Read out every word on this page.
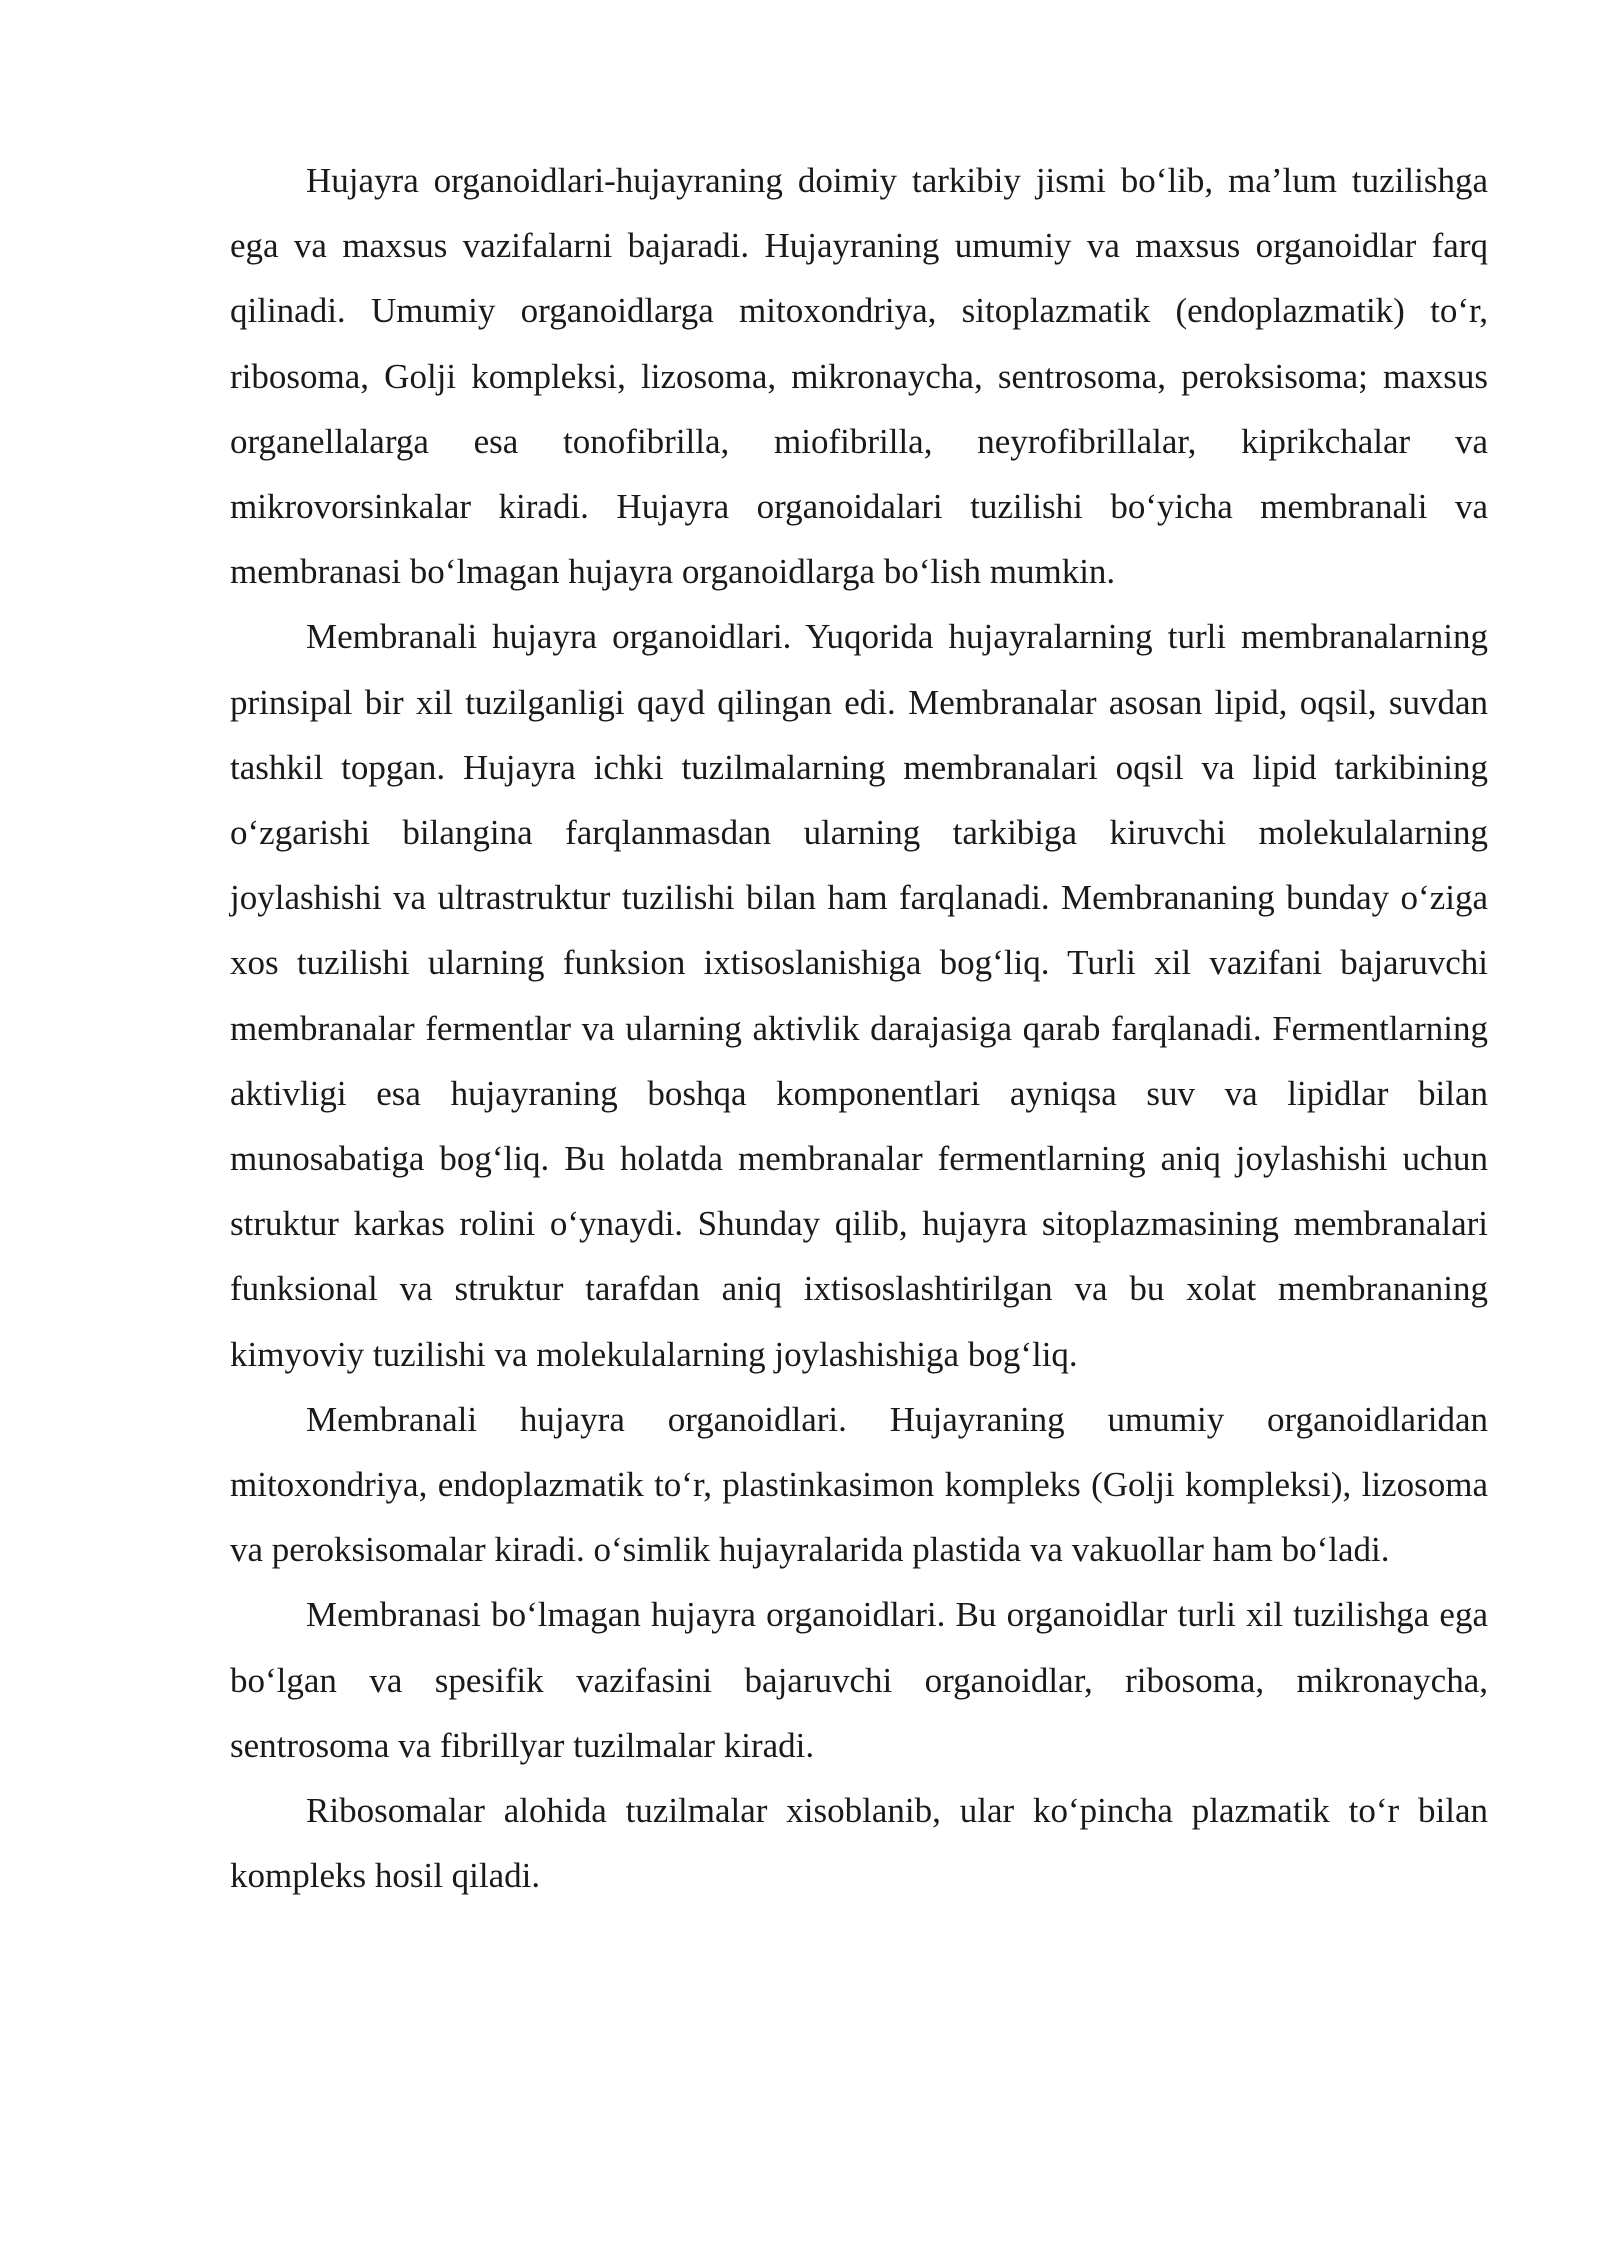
Hujayra organoidlari-hujayraning doimiy tarkibiy jismi bo‘lib, ma’lum tuzilishga ega va maxsus vazifalarni bajaradi. Hujayraning umumiy va maxsus organoidlar farq qilinadi. Umumiy organoidlarga mitoxondriya, sitoplazmatik (endoplazmatik) to‘r, ribosoma, Golji kompleksi, lizosoma, mikronaycha, sentrosoma, peroksisoma; maxsus organellalarga esa tonofibrilla, miofibrilla, neyrofibrillalar, kiprikchalar va mikrovorsinkalar kiradi. Hujayra organoidalari tuzilishi bo‘yicha membranali va membranasi bo‘lmagan hujayra organoidlarga bo‘lish mumkin.

Membranali hujayra organoidlari. Yuqorida hujayralarning turli membranalarning prinsipal bir xil tuzilganligi qayd qilingan edi. Membranalar asosan lipid, oqsil, suvdan tashkil topgan. Hujayra ichki tuzilmalarning membranalari oqsil va lipid tarkibining o‘zgarishi bilangina farqlanmasdan ularning tarkibiga kiruvchi molekulalarning joylashishi va ultrastruktur tuzilishi bilan ham farqlanadi. Membrananing bunday o‘ziga xos tuzilishi ularning funksion ixtisoslanishiga bog‘liq. Turli xil vazifani bajaruvchi membranalar fermentlar va ularning aktivlik darajasiga qarab farqlanadi. Fermentlarning aktivligi esa hujayraning boshqa komponentlari ayniqsa suv va lipidlar bilan munosabatiga bog‘liq. Bu holatda membranalar fermentlarning aniq joylashishi uchun struktur karkas rolini o‘ynaydi. Shunday qilib, hujayra sitoplazmasining membranalari funksional va struktur tarafdan aniq ixtisoslashtirilgan va bu xolat membrananing kimyoviy tuzilishi va molekulalarning joylashishiga bog‘liq.

Membranali hujayra organoidlari. Hujayraning umumiy organoidlaridan mitoxondriya, endoplazmatik to‘r, plastinkasimon kompleks (Golji kompleksi), lizosoma va peroksisomalar kiradi. o‘simlik hujayralarida plastida va vakuollar ham bo‘ladi.

Membranasi bo‘lmagan hujayra organoidlari. Bu organoidlar turli xil tuzilishga ega bo‘lgan va spesifik vazifasini bajaruvchi organoidlar, ribosoma, mikronaycha, sentrosoma va fibrillyar tuzilmalar kiradi.

Ribosomalar alohida tuzilmalar xisoblanib, ular ko‘pincha plazmatik to‘r bilan kompleks hosil qiladi.
